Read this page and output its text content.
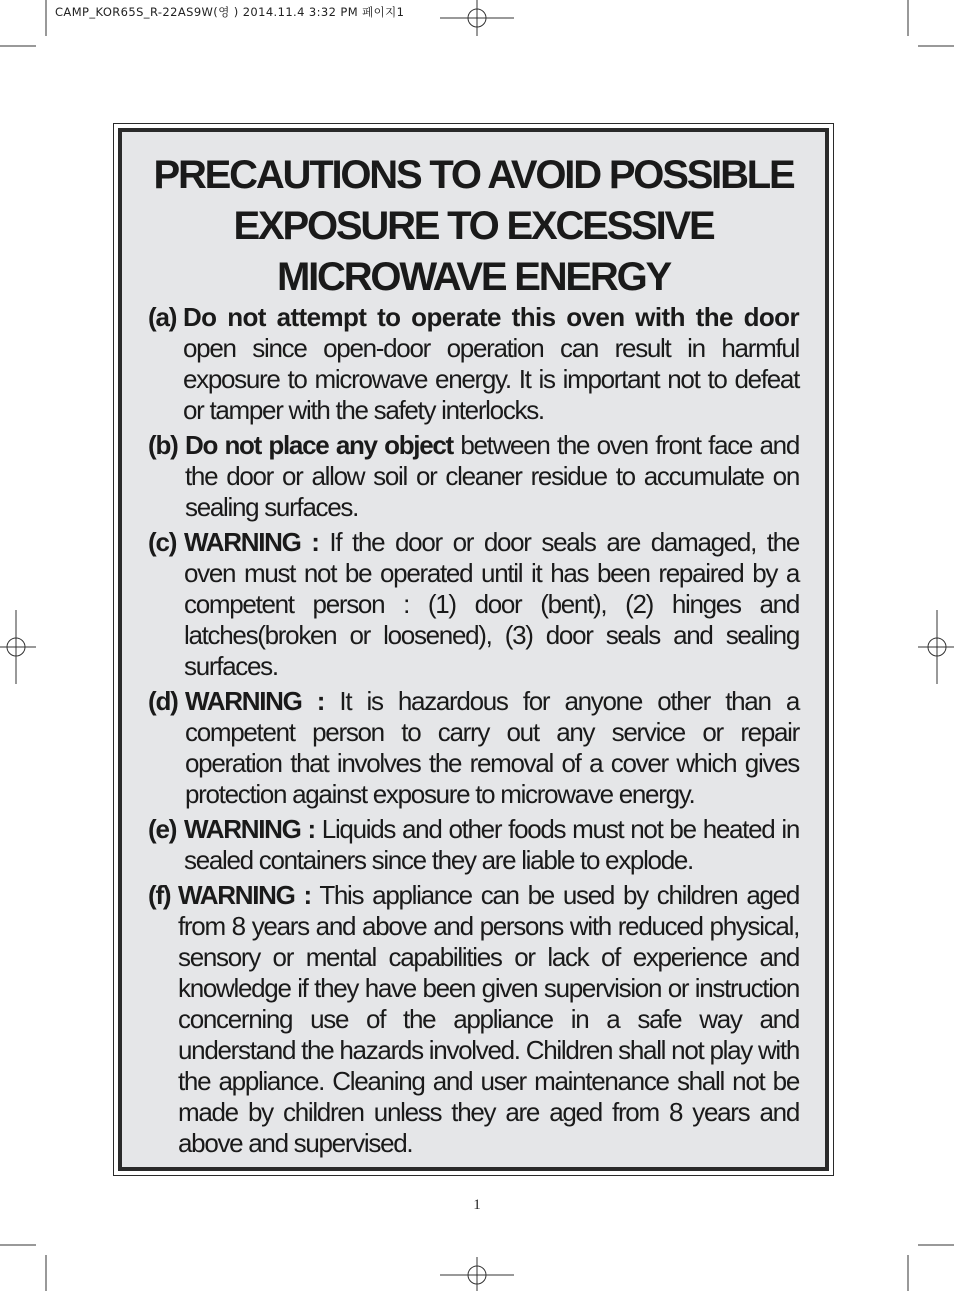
CAMP_KOR65S_R-22AS9W(영 ) 2014.11.4 3:32 PM 페이지1
PRECAUTIONS TO AVOID POSSIBLE
EXPOSURE TO EXCESSIVE
MICROWAVE ENERGY
(a) Do not attempt to operate this oven with the door open since open-door operation can result in harmful exposure to microwave energy. It is important not to defeat or tamper with the safety interlocks.

(b) Do not place any object between the oven front face and the door or allow soil or cleaner residue to accumulate on sealing surfaces.

(c) WARNING : If the door or door seals are damaged, the oven must not be operated until it has been repaired by a competent person : (1) door (bent), (2) hinges and latches(broken or loosened), (3) door seals and sealing surfaces.

(d) WARNING : It is hazardous for anyone other than a competent person to carry out any service or repair operation that involves the removal of a cover which gives protection against exposure to microwave energy.

(e) WARNING : Liquids and other foods must not be heated in sealed containers since they are liable to explode.

(f) WARNING : This appliance can be used by children aged from 8 years and above and persons with reduced physical, sensory or mental capabilities or lack of experience and knowledge if they have been given supervision or instruction concerning use of the appliance in a safe way and understand the hazards involved. Children shall not play with the appliance. Cleaning and user maintenance shall not be made by children unless they are aged from 8 years and above and supervised.

1
